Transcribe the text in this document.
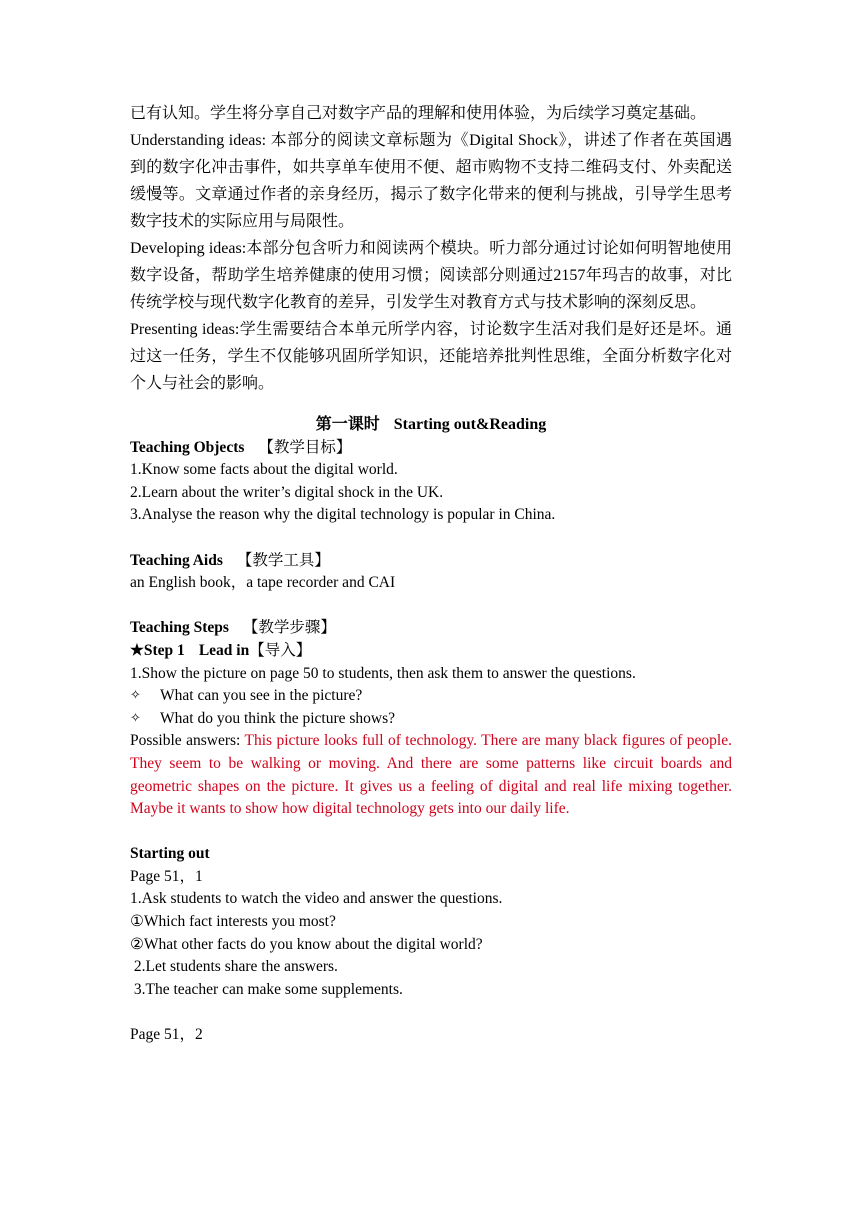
已有认知。学生将分享自己对数字产品的理解和使用体验，为后续学习奠定基础。

Understanding ideas: 本部分的阅读文章标题为《Digital Shock》，讲述了作者在英国遇到的数字化冲击事件，如共享单车使用不便、超市购物不支持二维码支付、外卖配送缓慢等。文章通过作者的亲身经历，揭示了数字化带来的便利与挑战，引导学生思考数字技术的实际应用与局限性。

Developing ideas:本部分包含听力和阅读两个模块。听力部分通过讨论如何明智地使用数字设备，帮助学生培养健康的使用习惯；阅读部分则通过2157年玛吉的故事，对比传统学校与现代数字化教育的差异，引发学生对教育方式与技术影响的深刻反思。

Presenting ideas:学生需要结合本单元所学内容，讨论数字生活对我们是好还是坏。通过这一任务，学生不仅能够巩固所学知识，还能培养批判性思维，全面分析数字化对个人与社会的影响。

第一课时 Starting out&Reading

Teaching Objects 【教学目标】

1.Know some facts about the digital world.

2.Learn about the writer’s digital shock in the UK.

3.Analyse the reason why the digital technology is popular in China.

Teaching Aids 【教学工具】

an English book，a tape recorder and CAI

Teaching Steps 【教学步骤】

★Step 1 Lead in【导入】

1.Show the picture on page 50 to students, then ask them to answer the questions.

✧	What can you see in the picture?

✧	What do you think the picture shows?

Possible answers: This picture looks full of technology. There are many black figures of people. They seem to be walking or moving. And there are some patterns like circuit boards and geometric shapes on the picture. It gives us a feeling of digital and real life mixing together. Maybe it wants to show how digital technology gets into our daily life.

Starting out

Page 51，1

1.Ask students to watch the video and answer the questions.

①Which fact interests you most?

②What other facts do you know about the digital world?

2.Let students share the answers.

3.The teacher can make some supplements.

Page 51，2
